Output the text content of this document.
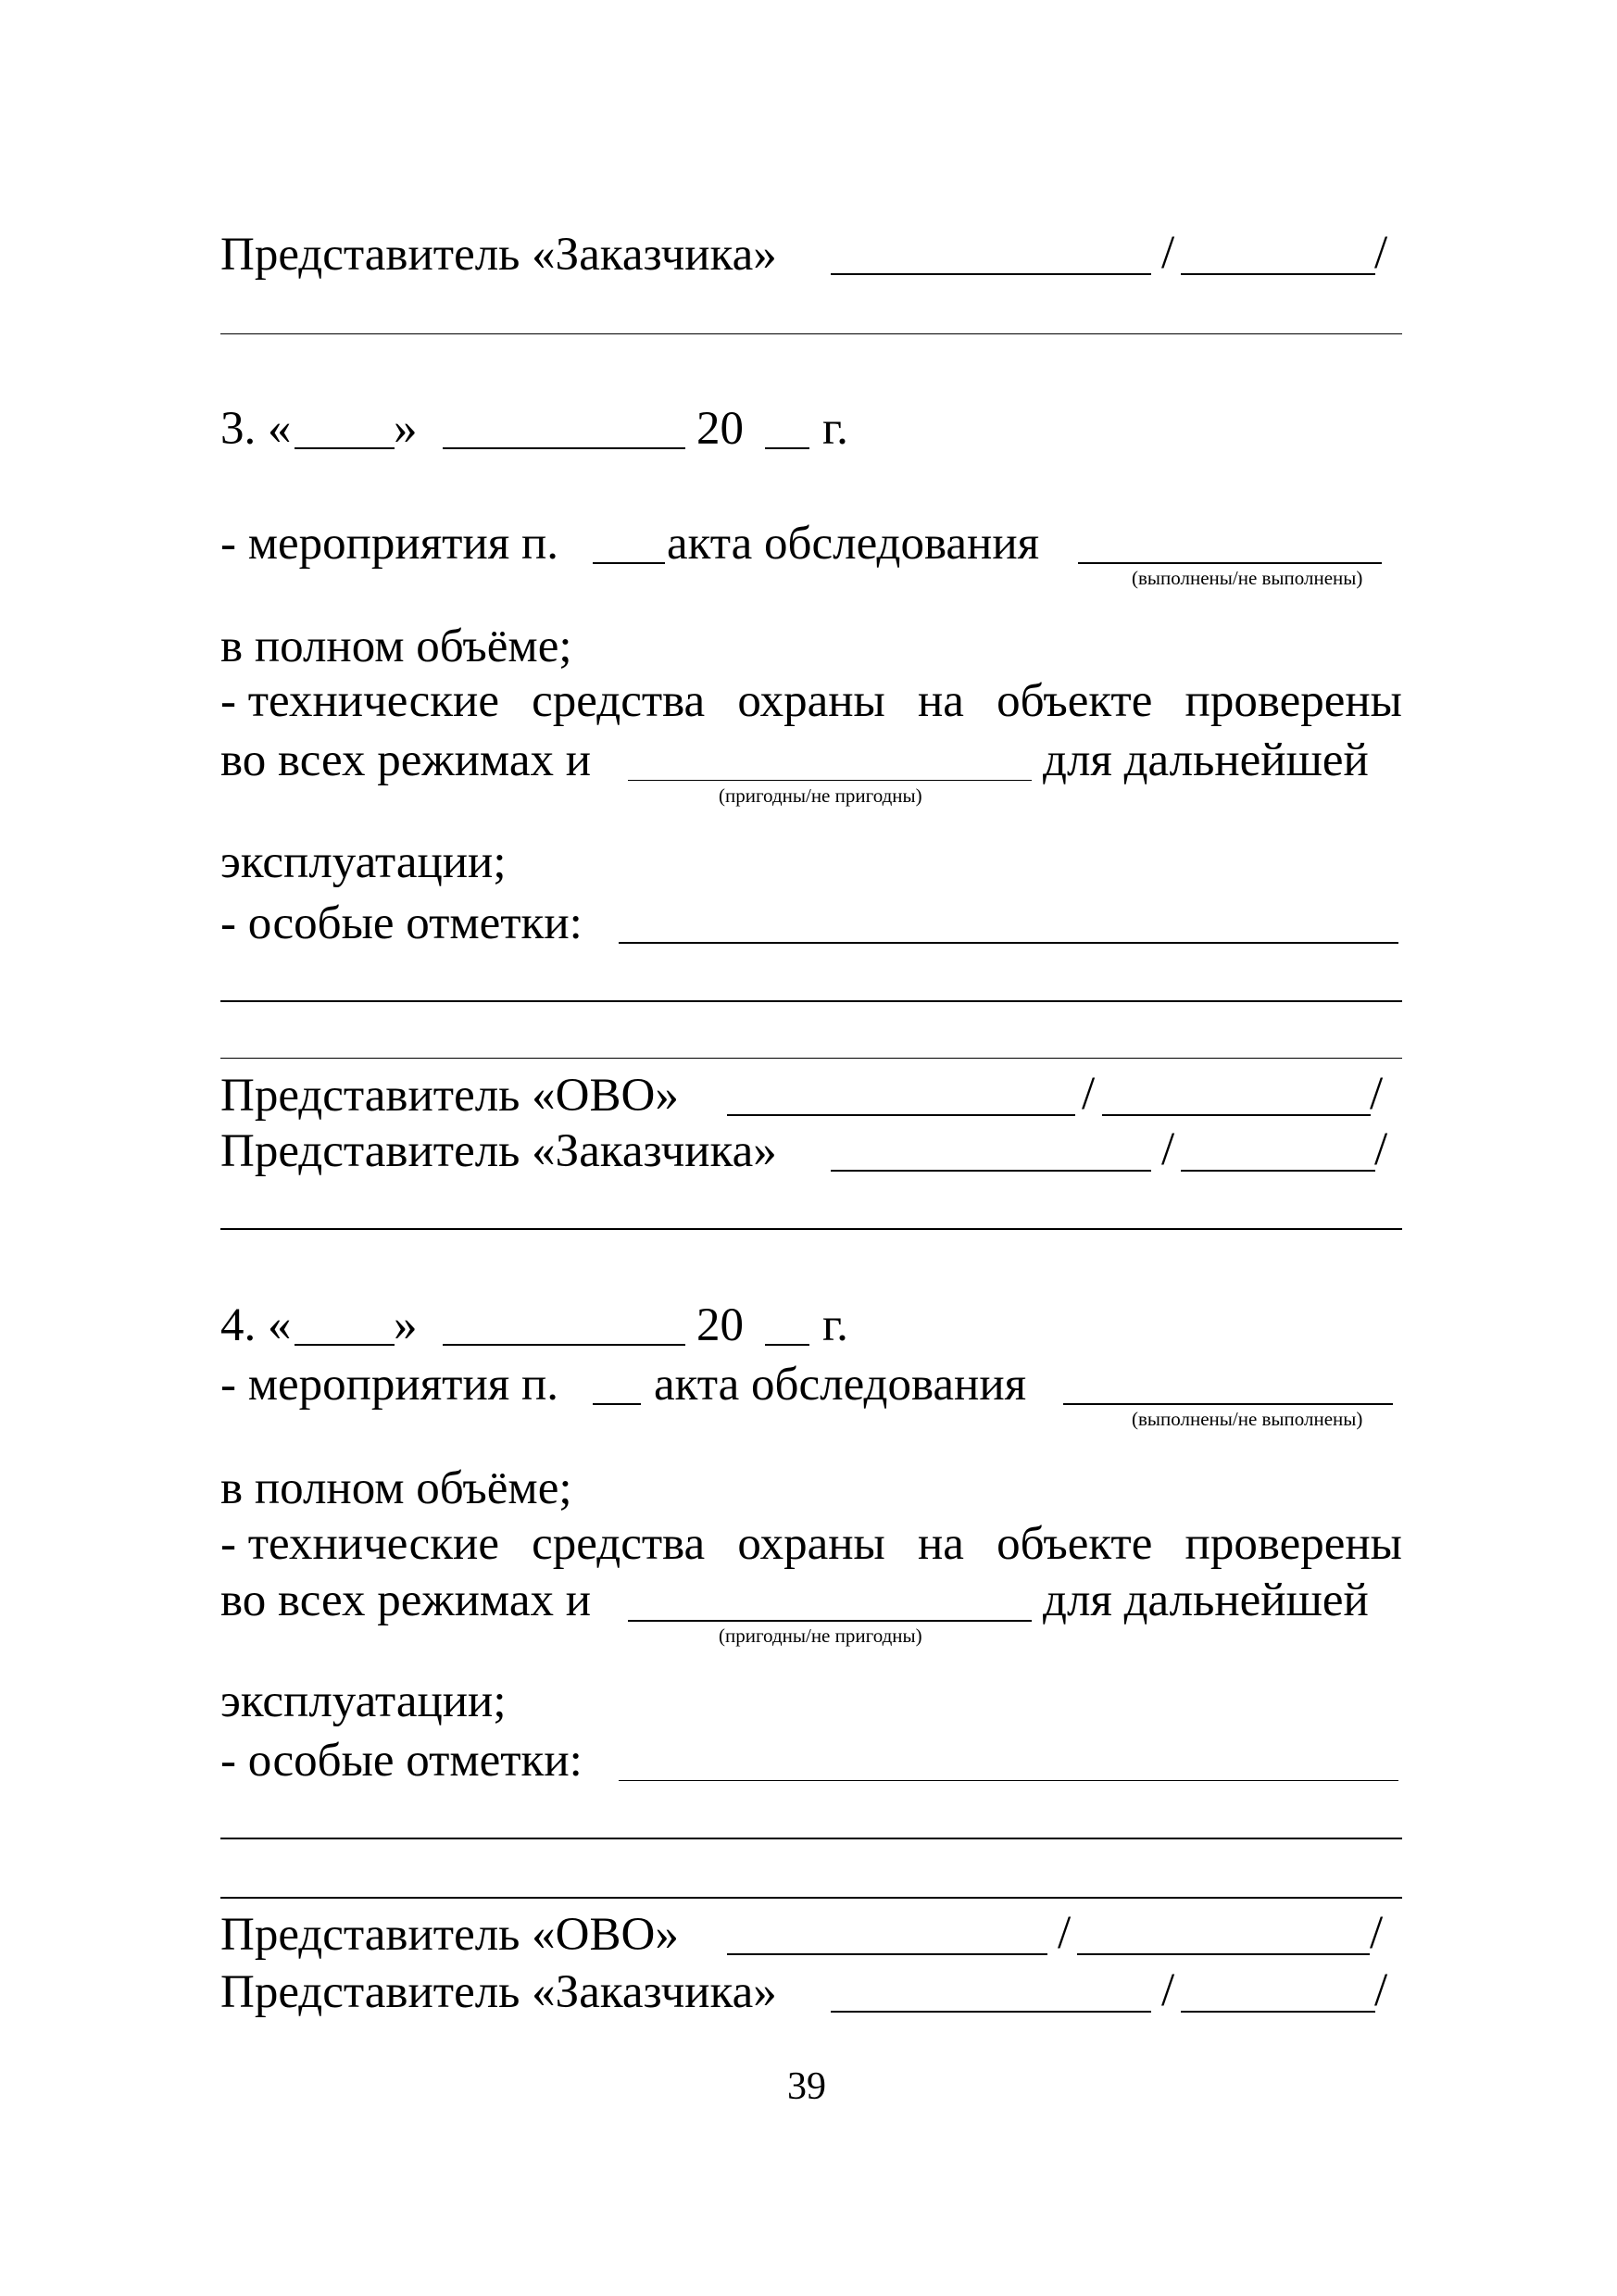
Представитель «Заказчика»	/	/
3. « »	20 г.
- мероприятия п. акта обследования
(выполнены/не выполнены)
в полном объёме;
- технические средства охраны на объекте проверены
во всех режимах и
(пригодны/не пригодны)
для дальнейшей
эксплуатации;
- особые отметки:
Представитель «ОВО»	/	/
Представитель «Заказчика»	/	/
4. « »	20 г.
- мероприятия п. акта обследования
(выполнены/не выполнены)
в полном объёме;
- технические средства охраны на объекте проверены
во всех режимах и
(пригодны/не пригодны)
для дальнейшей
эксплуатации;
- особые отметки:
Представитель «ОВО»	/	/
Представитель «Заказчика»	/	/
39
